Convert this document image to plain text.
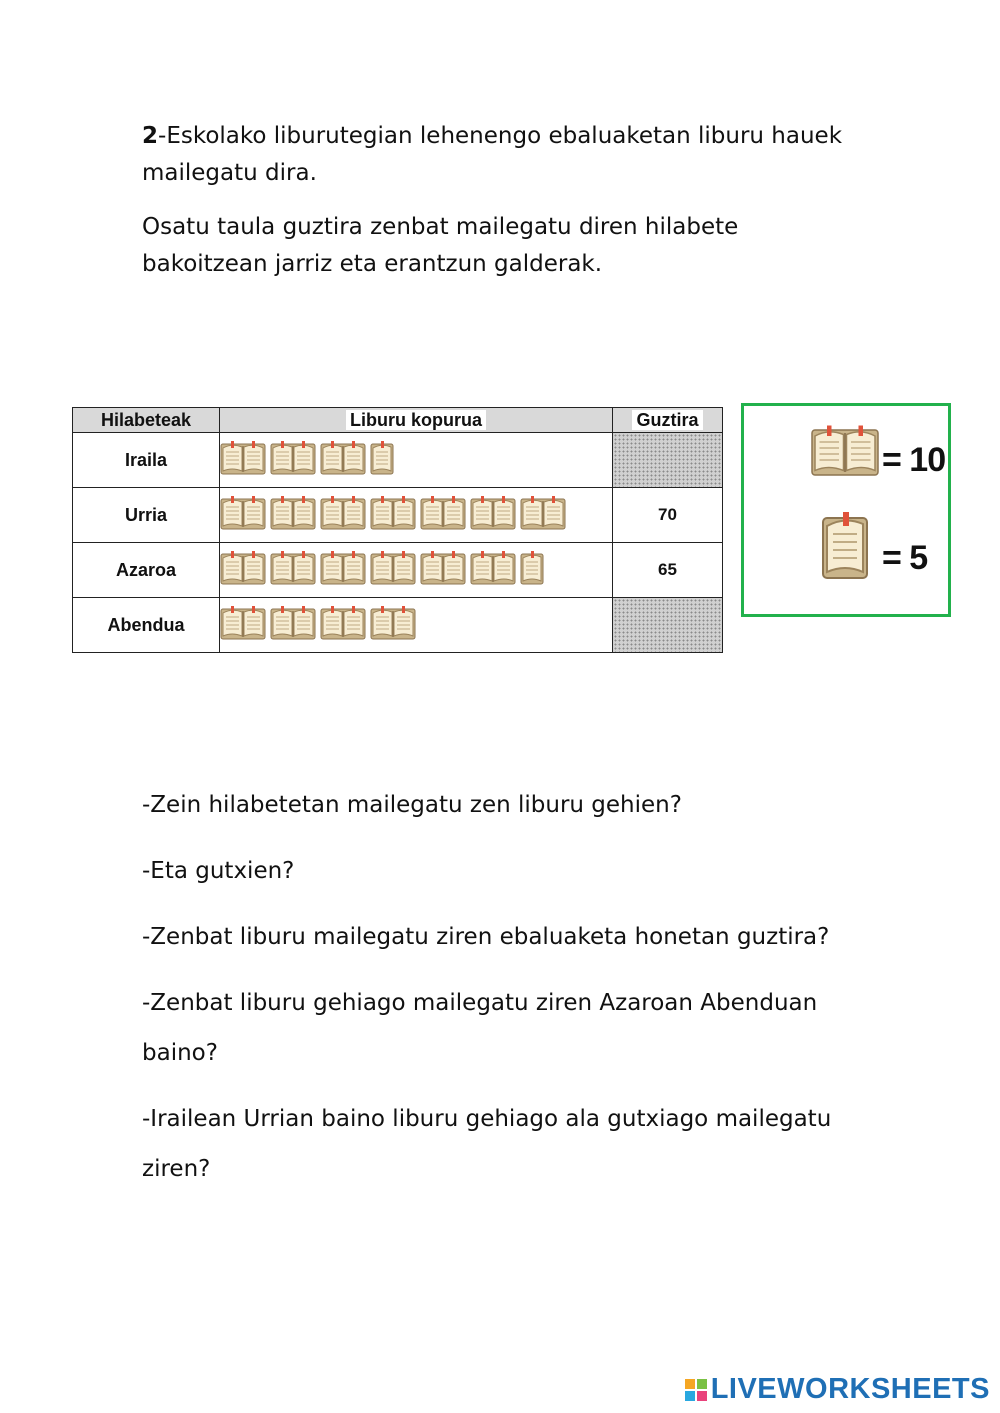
2-Eskolako liburutegian lehenengo ebaluaketan liburu hauek mailegatu dira.

Osatu taula guztira zenbat mailegatu diren hilabete bakoitzean jarriz eta erantzun galderak.

Hilabeteak	Liburu kopurua	Guztira
Iraila		
Urria		70
Azaroa		65
Abendua		
= 10
= 5

-Zein hilabetetan mailegatu zen liburu gehien?

-Eta gutxien?

-Zenbat liburu mailegatu ziren ebaluaketa honetan guztira?

-Zenbat liburu gehiago mailegatu ziren Azaroan Abenduan baino?

-Irailean Urrian baino liburu gehiago ala gutxiago mailegatu ziren?

LIVEWORKSHEETS
